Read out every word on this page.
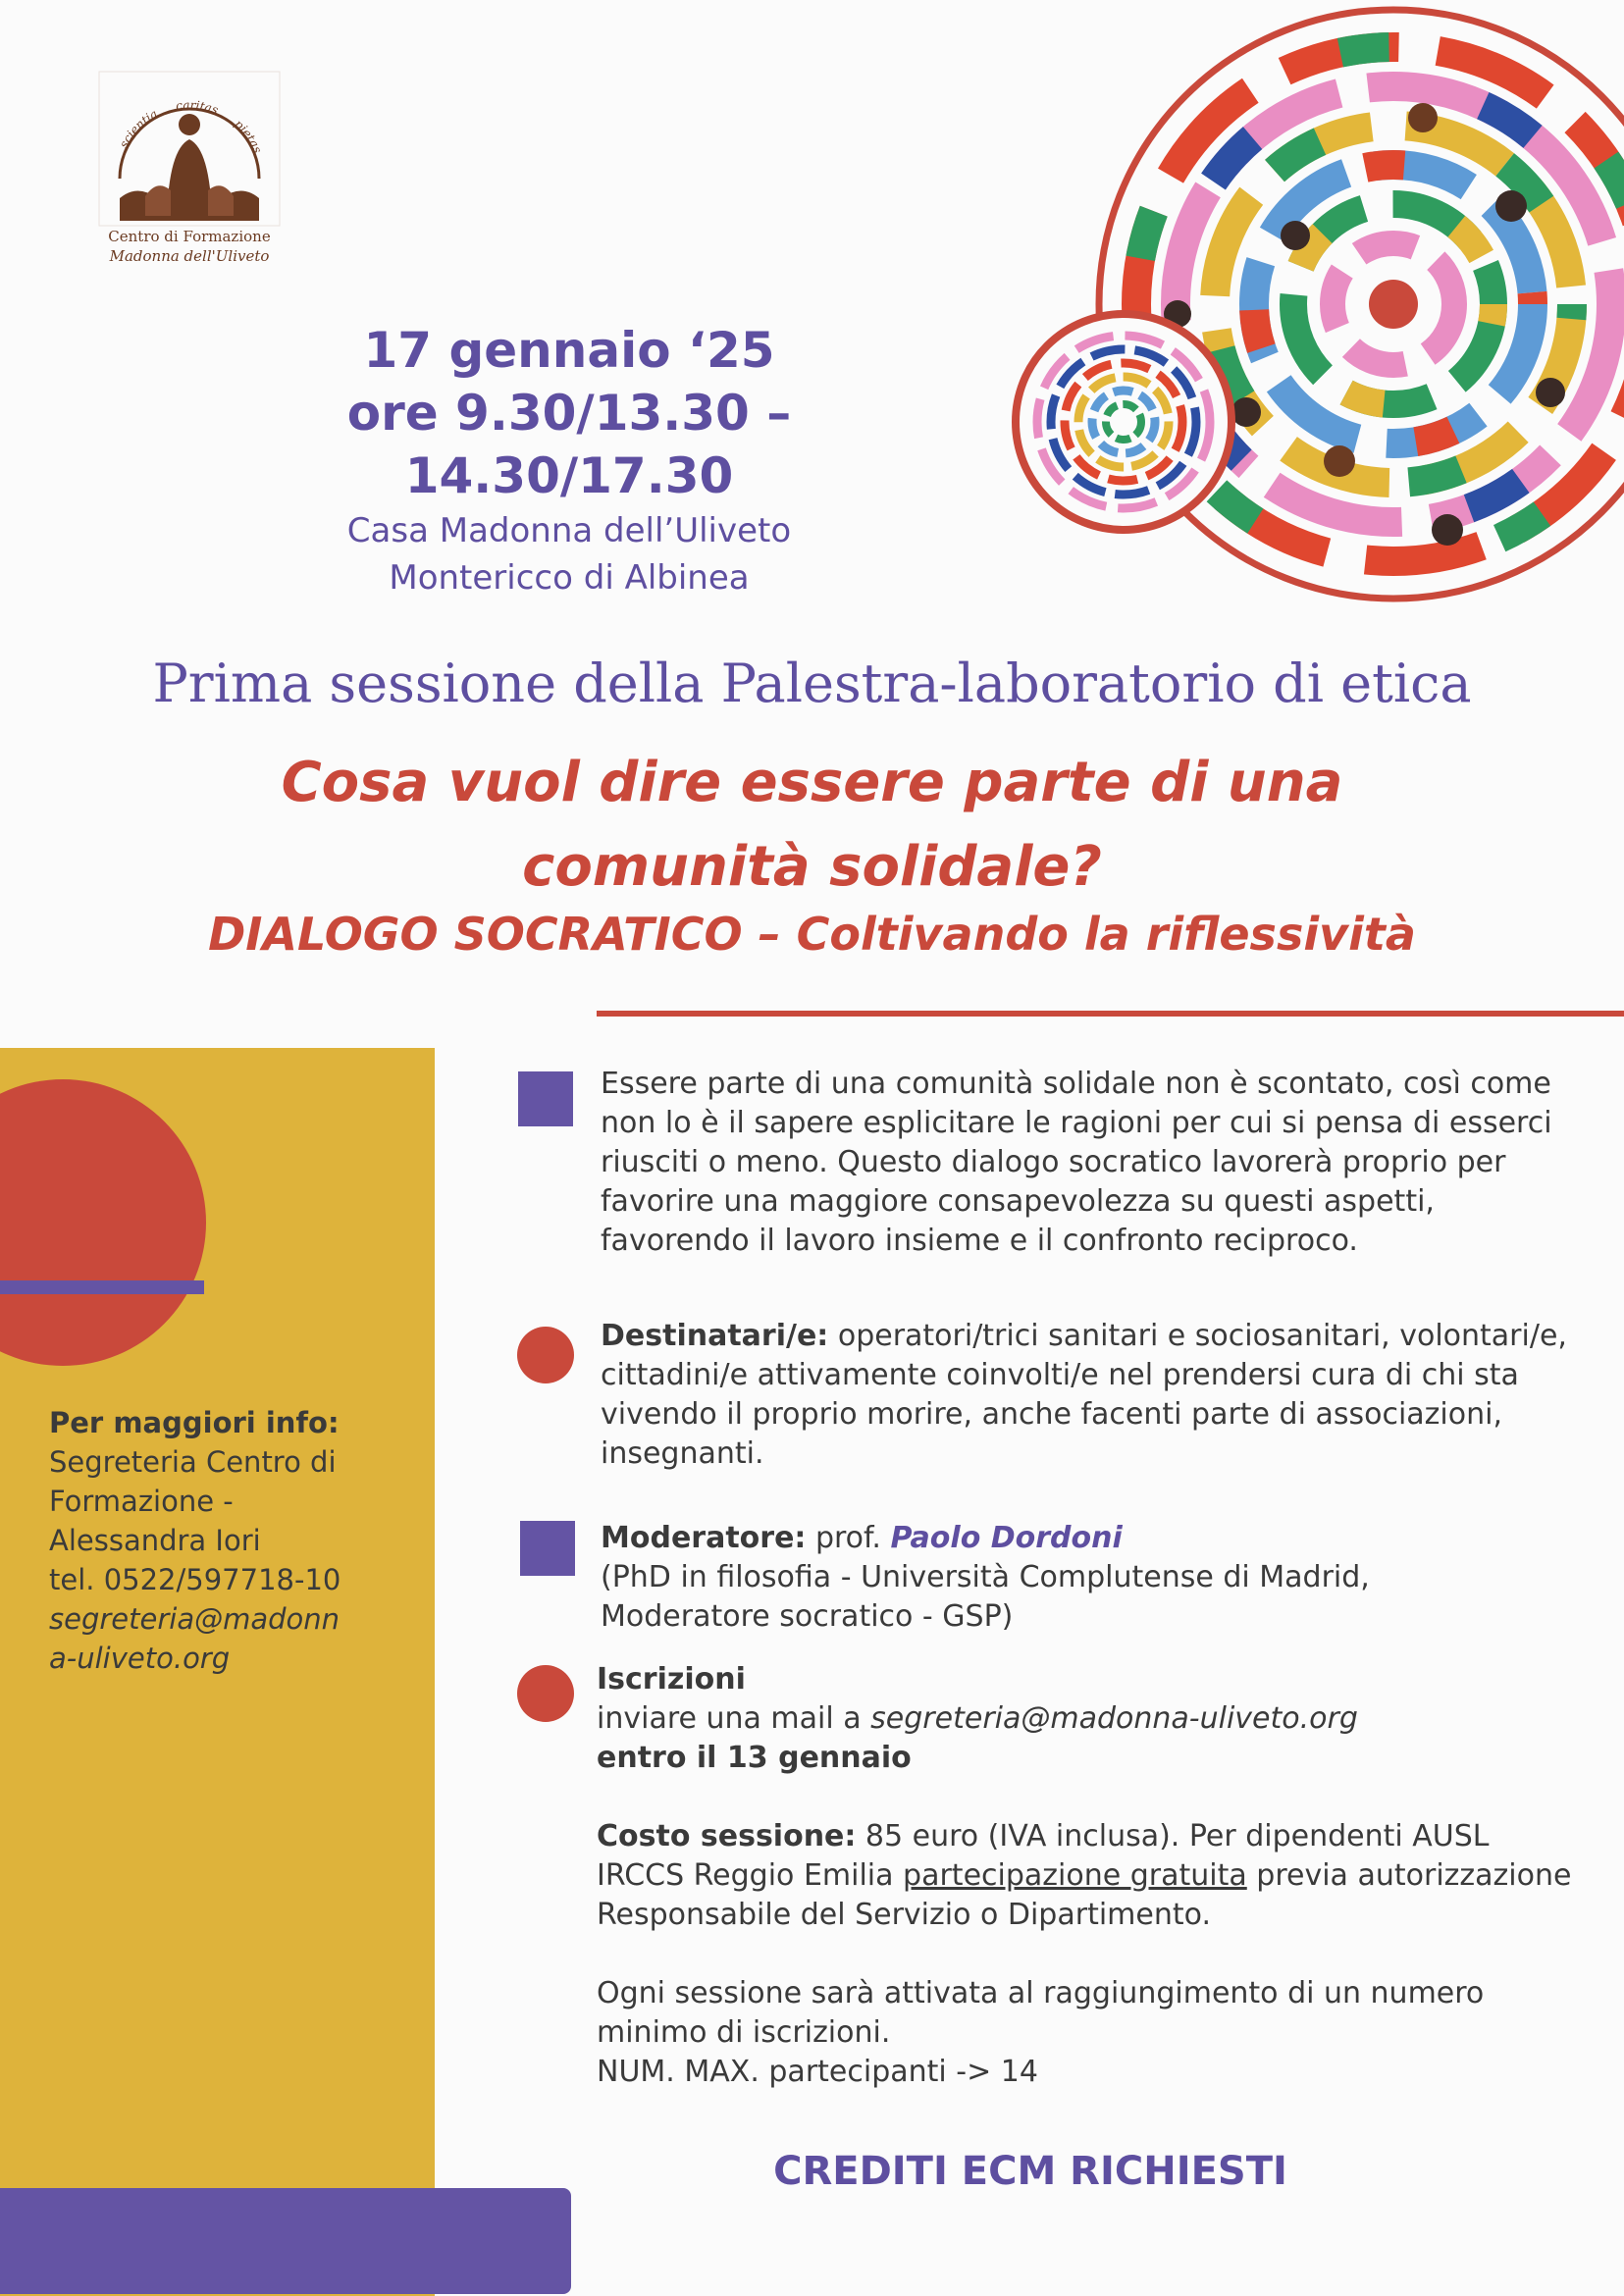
scientia
caritas
pietas
Centro di Formazione
Madonna dell'Uliveto
17 gennaio ‘25
ore 9.30/13.30 – 14.30/17.30
Casa Madonna dell’Uliveto
Montericco di Albinea
Prima sessione della Palestra-laboratorio di etica
Cosa vuol dire essere parte di una
comunità solidale?
DIALOGO SOCRATICO – Coltivando la riflessività
Per maggiori info:
Segreteria Centro di
Formazione -
Alessandra Iori
tel. 0522/597718-10
segreteria@madonn
a-uliveto.org
Essere parte di una comunità solidale non è scontato, così come non lo è il sapere esplicitare le ragioni per cui si pensa di esserci riusciti o meno. Questo dialogo socratico lavorerà proprio per favorire una maggiore consapevolezza su questi aspetti, favorendo il lavoro insieme e il confronto reciproco.
Destinatari/e: operatori/trici sanitari e sociosanitari, volontari/e, cittadini/e attivamente coinvolti/e nel prendersi cura di chi sta vivendo il proprio morire, anche facenti parte di associazioni, insegnanti.
Moderatore: prof. Paolo Dordoni
(PhD in filosofia - Università Complutense di Madrid,
Moderatore socratico - GSP)
Iscrizioni
inviare una mail a segreteria@madonna-uliveto.org
entro il 13 gennaio
Costo sessione: 85 euro (IVA inclusa). Per dipendenti AUSL IRCCS Reggio Emilia partecipazione gratuita previa autorizzazione Responsabile del Servizio o Dipartimento.
Ogni sessione sarà attivata al raggiungimento di un numero minimo di iscrizioni.
NUM. MAX. partecipanti -> 14
CREDITI ECM RICHIESTI
